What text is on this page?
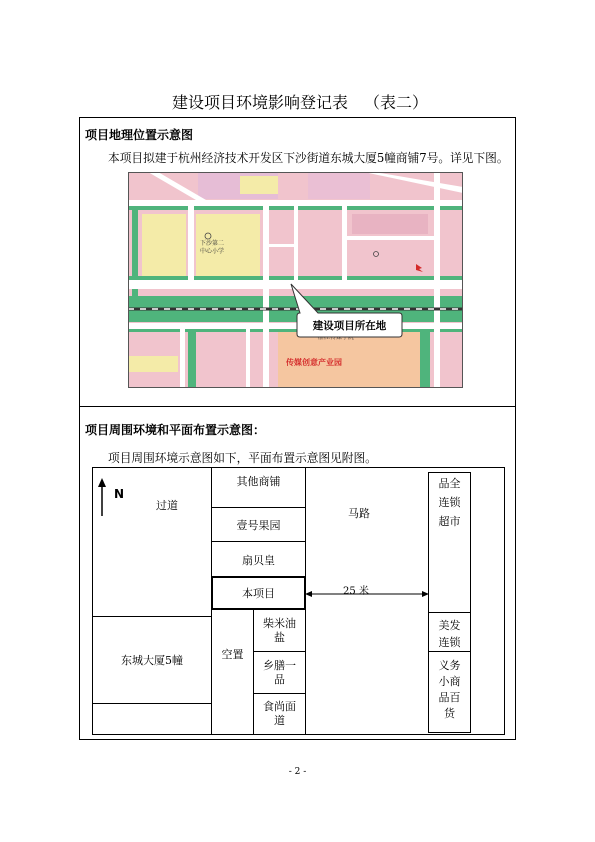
建设项目环境影响登记表 （表二）
项目地理位置示意图
本项目拟建于杭州经济技术开发区下沙街道东城大厦5幢商铺7号。详见下图。
下沙第二
中心小学
传媒创意产业园
建设项目所在地
项目周围环境和平面布置示意图：
项目周围环境示意图如下，平面布置示意图见附图。
N
过道
东城大厦5幢
其他商铺
壹号果园
扇贝皇
本项目
空置
柴米油盐
乡膳一品
食尚面道
马路
25 米
品全连锁超市
美发连锁
义务小商品百货
- 2 -
